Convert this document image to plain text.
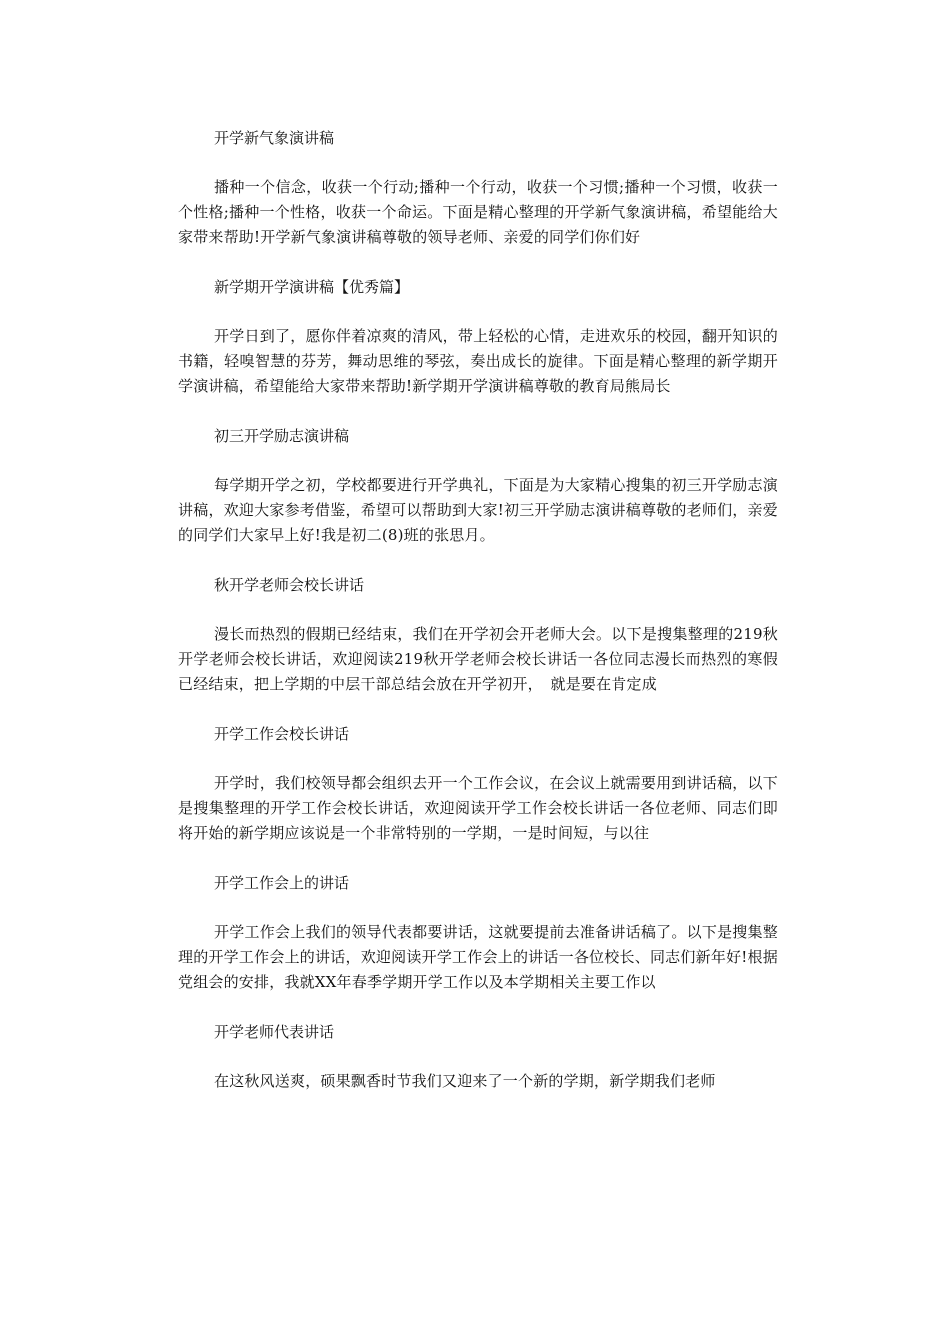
开学新气象演讲稿

播种一个信念，收获一个行动;播种一个行动，收获一个习惯;播种一个习惯，收获一个性格;播种一个性格，收获一个命运。下面是精心整理的开学新气象演讲稿，希望能给大家带来帮助!开学新气象演讲稿尊敬的领导老师、亲爱的同学们你们好

新学期开学演讲稿【优秀篇】

开学日到了，愿你伴着凉爽的清风，带上轻松的心情，走进欢乐的校园，翻开知识的书籍，轻嗅智慧的芬芳，舞动思维的琴弦，奏出成长的旋律。下面是精心整理的新学期开学演讲稿，希望能给大家带来帮助!新学期开学演讲稿尊敬的教育局熊局长

初三开学励志演讲稿

每学期开学之初，学校都要进行开学典礼，下面是为大家精心搜集的初三开学励志演讲稿，欢迎大家参考借鉴，希望可以帮助到大家!初三开学励志演讲稿尊敬的老师们，亲爱的同学们大家早上好!我是初二(8)班的张思月。

秋开学老师会校长讲话

漫长而热烈的假期已经结束，我们在开学初会开老师大会。以下是搜集整理的219秋开学老师会校长讲话，欢迎阅读219秋开学老师会校长讲话一各位同志漫长而热烈的寒假已经结束，把上学期的中层干部总结会放在开学初开，　就是要在肯定成

开学工作会校长讲话

开学时，我们校领导都会组织去开一个工作会议，在会议上就需要用到讲话稿，以下是搜集整理的开学工作会校长讲话，欢迎阅读开学工作会校长讲话一各位老师、同志们即将开始的新学期应该说是一个非常特别的一学期，一是时间短，与以往

开学工作会上的讲话

开学工作会上我们的领导代表都要讲话，这就要提前去准备讲话稿了。以下是搜集整理的开学工作会上的讲话，欢迎阅读开学工作会上的讲话一各位校长、同志们新年好!根据党组会的安排，我就XX年春季学期开学工作以及本学期相关主要工作以

开学老师代表讲话

在这秋风送爽，硕果飘香时节我们又迎来了一个新的学期，新学期我们老师
